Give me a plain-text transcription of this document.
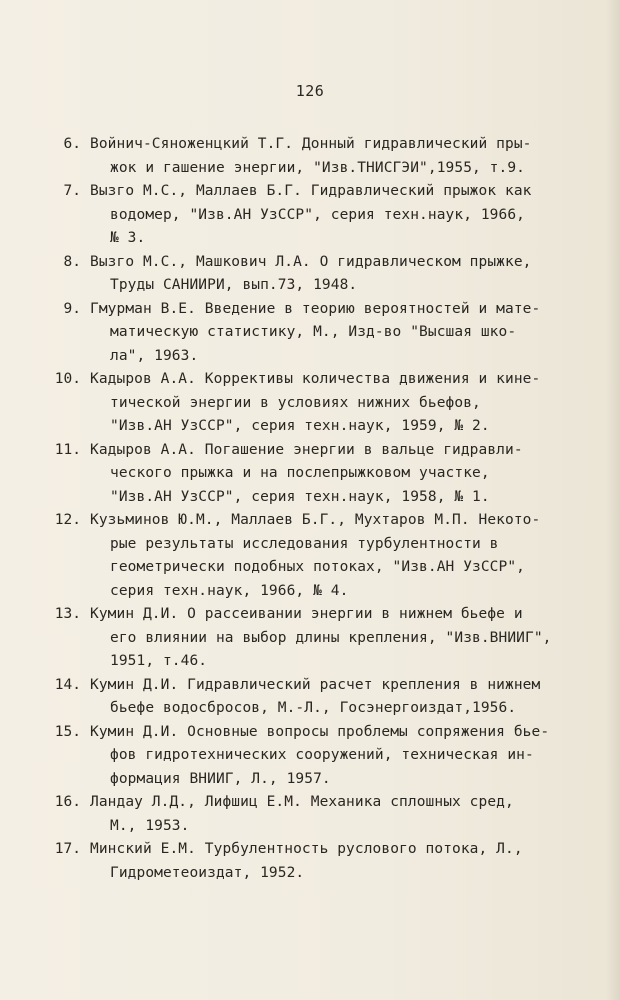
126
6. Войнич-Сяноженцкий Т.Г. Донный гидравлический пры-
жок и гашение энергии, "Изв.ТНИСГЭИ",1955, т.9.
7. Вызго М.С., Маллаев Б.Г. Гидравлический прыжок как
водомер, "Изв.АН УзССР", серия техн.наук, 1966,
№ 3.
8. Вызго М.С., Машкович Л.А. О гидравлическом прыжке,
Труды САНИИРИ, вып.73, 1948.
9. Гмурман В.Е. Введение в теорию вероятностей и мате-
матическую статистику, М., Изд-во "Высшая шко-
ла", 1963.
10. Кадыров А.А. Коррективы количества движения и кине-
тической энергии в условиях нижних бьефов,
"Изв.АН УзССР", серия техн.наук, 1959, № 2.
11. Кадыров А.А. Погашение энергии в вальце гидравли-
ческого прыжка и на послепрыжковом участке,
"Изв.АН УзССР", серия техн.наук, 1958, № 1.
12. Кузьминов Ю.М., Маллаев Б.Г., Мухтаров М.П. Некото-
рые результаты исследования турбулентности в
геометрически подобных потоках, "Изв.АН УзССР",
серия техн.наук, 1966, № 4.
13. Кумин Д.И. О рассеивании энергии в нижнем бьефе и
его влиянии на выбор длины крепления, "Изв.ВНИИГ",
1951, т.46.
14. Кумин Д.И. Гидравлический расчет крепления в нижнем
бьефе водосбросов, М.-Л., Госэнергоиздат,1956.
15. Кумин Д.И. Основные вопросы проблемы сопряжения бье-
фов гидротехнических сооружений, техническая ин-
формация ВНИИГ, Л., 1957.
16. Ландау Л.Д., Лифшиц Е.М. Механика сплошных сред,
М., 1953.
17. Минский Е.М. Турбулентность руслового потока, Л.,
Гидрометеоиздат, 1952.
